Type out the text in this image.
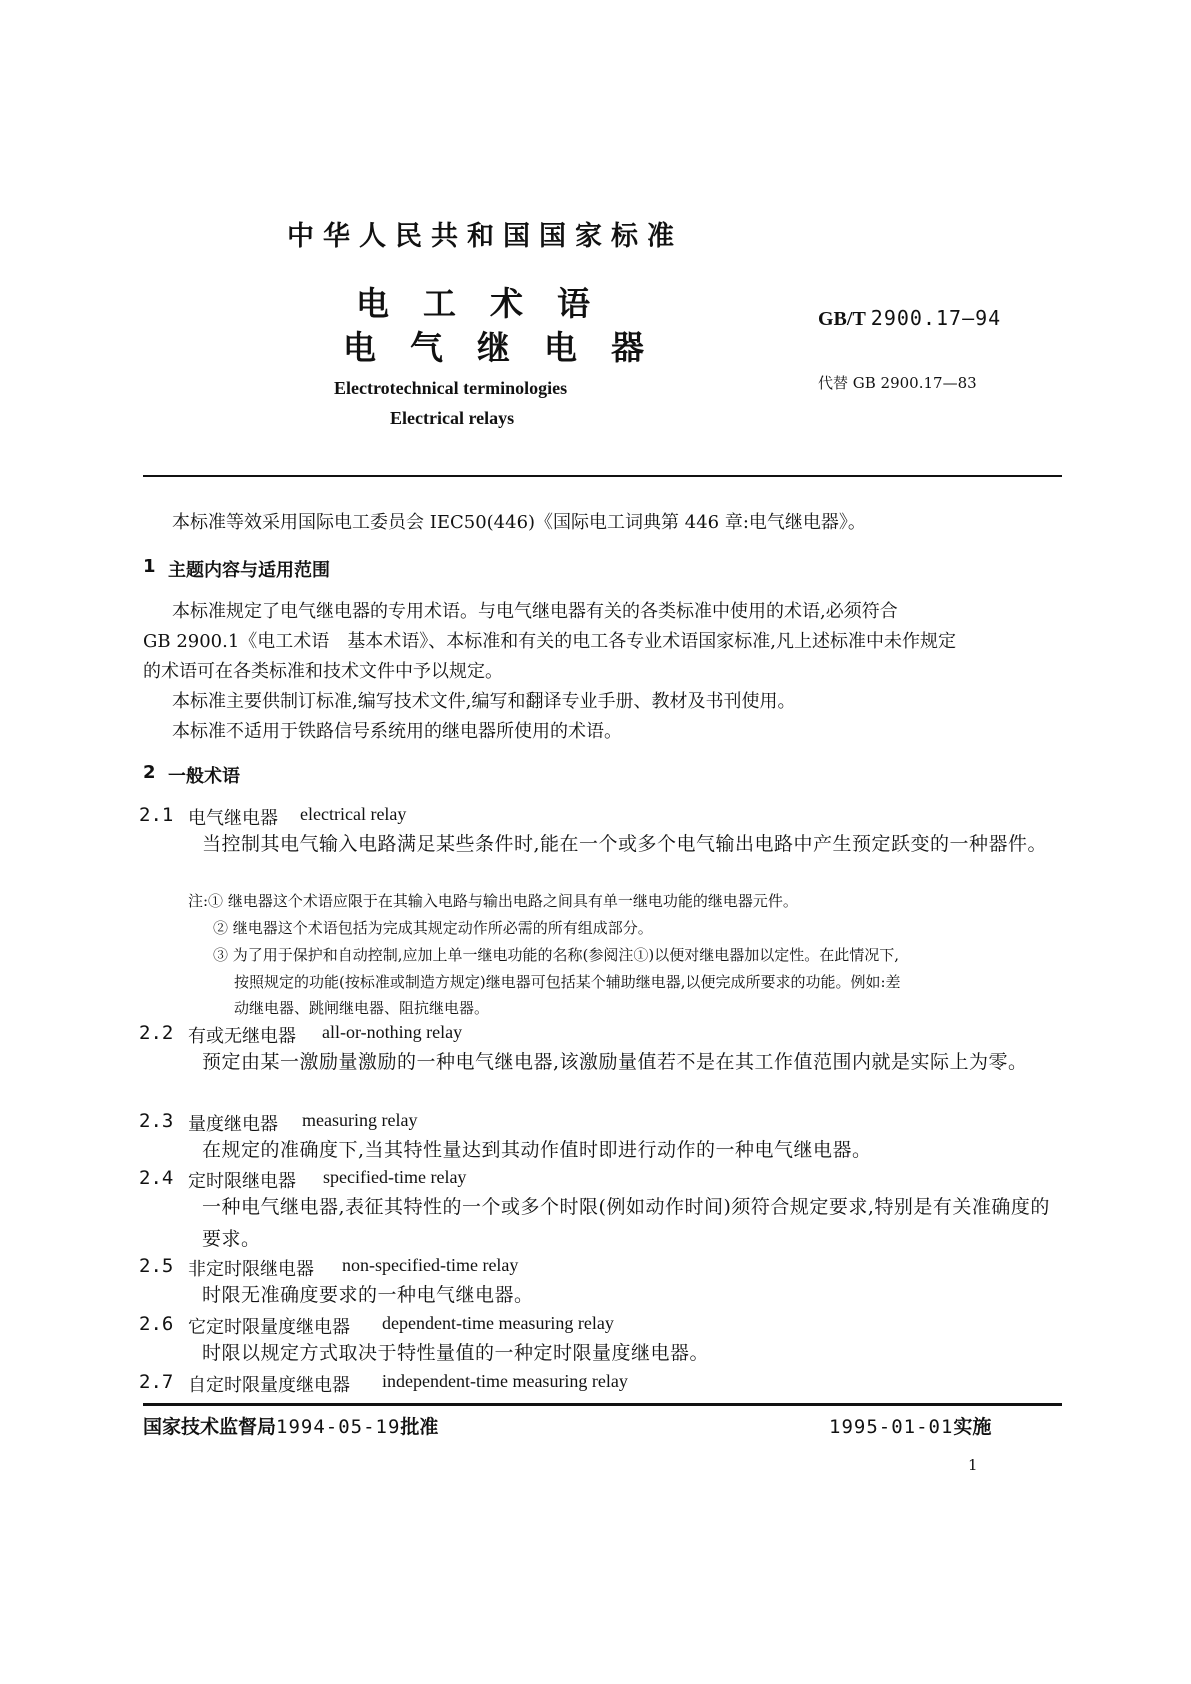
中华人民共和国国家标准
电工术语
电气继电器
GB/T 2900.17—94
代替 GB 2900.17—83
Electrotechnical terminologies
Electrical relays
本标准等效采用国际电工委员会 IEC50(446)《国际电工词典第 446 章:电气继电器》。
1 主题内容与适用范围
本标准规定了电气继电器的专用术语。与电气继电器有关的各类标准中使用的术语,必须符合
GB 2900.1《电工术语　基本术语》、本标准和有关的电工各专业术语国家标准,凡上述标准中未作规定
的术语可在各类标准和技术文件中予以规定。
本标准主要供制订标准,编写技术文件,编写和翻译专业手册、教材及书刊使用。
本标准不适用于铁路信号系统用的继电器所使用的术语。
2 一般术语
2.1 电气继电器 electrical relay
当控制其电气输入电路满足某些条件时,能在一个或多个电气输出电路中产生预定跃变的一种器件。
注:① 继电器这个术语应限于在其输入电路与输出电路之间具有单一继电功能的继电器元件。
② 继电器这个术语包括为完成其规定动作所必需的所有组成部分。
③ 为了用于保护和自动控制,应加上单一继电功能的名称(参阅注①)以便对继电器加以定性。在此情况下,
按照规定的功能(按标准或制造方规定)继电器可包括某个辅助继电器,以便完成所要求的功能。例如:差
动继电器、跳闸继电器、阻抗继电器。
2.2 有或无继电器 all-or-nothing relay
预定由某一激励量激励的一种电气继电器,该激励量值若不是在其工作值范围内就是实际上为零。
2.3 量度继电器 measuring relay
在规定的准确度下,当其特性量达到其动作值时即进行动作的一种电气继电器。
2.4 定时限继电器 specified-time relay
一种电气继电器,表征其特性的一个或多个时限(例如动作时间)须符合规定要求,特别是有关准确度的要求。
2.5 非定时限继电器 non-specified-time relay
时限无准确度要求的一种电气继电器。
2.6 它定时限量度继电器 dependent-time measuring relay
时限以规定方式取决于特性量值的一种定时限量度继电器。
2.7 自定时限量度继电器 independent-time measuring relay
国家技术监督局1994-05-19批准	1995-01-01实施
1
